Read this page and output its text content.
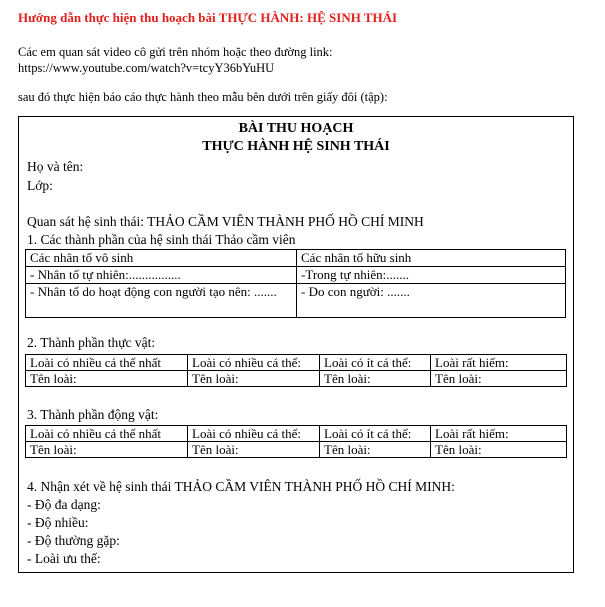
Hướng dẫn thực hiện thu hoạch bài THỰC HÀNH: HỆ SINH THÁI
Các em quan sát video cô gửi trên nhóm hoặc theo đường link:
https://www.youtube.com/watch?v=tcyY36bYuHU
sau đó thực hiện báo cáo thực hành theo mẫu bên dưới trên giấy đôi (tập):
BÀI THU HOẠCH
THỰC HÀNH HỆ SINH THÁI
Họ và tên:
Lớp:
Quan sát hệ sinh thái: THẢO CẦM VIÊN THÀNH PHỐ HỒ CHÍ MINH
1. Các thành phần của hệ sinh thái Thảo cầm viên
Các nhân tố vô sinh	Các nhân tố hữu sinh
- Nhân tố tự nhiên:................	-Trong tự nhiên:.......
- Nhân tố do hoạt động con người tạo nên: .......	- Do con người: .......
2. Thành phần thực vật:
Loài có nhiều cá thể nhất	Loài có nhiều cá thể:	Loài có ít cá thể:	Loài rất hiếm:
Tên loài:	Tên loài:	Tên loài:	Tên loài:
3. Thành phần động vật:
Loài có nhiều cá thể nhất	Loài có nhiều cá thể:	Loài có ít cá thể:	Loài rất hiếm:
Tên loài:	Tên loài:	Tên loài:	Tên loài:
4. Nhận xét về hệ sinh thái THẢO CẦM VIÊN THÀNH PHỐ HỒ CHÍ MINH:
- Độ đa dạng:
- Độ nhiều:
- Độ thường gặp:
- Loài ưu thế:
